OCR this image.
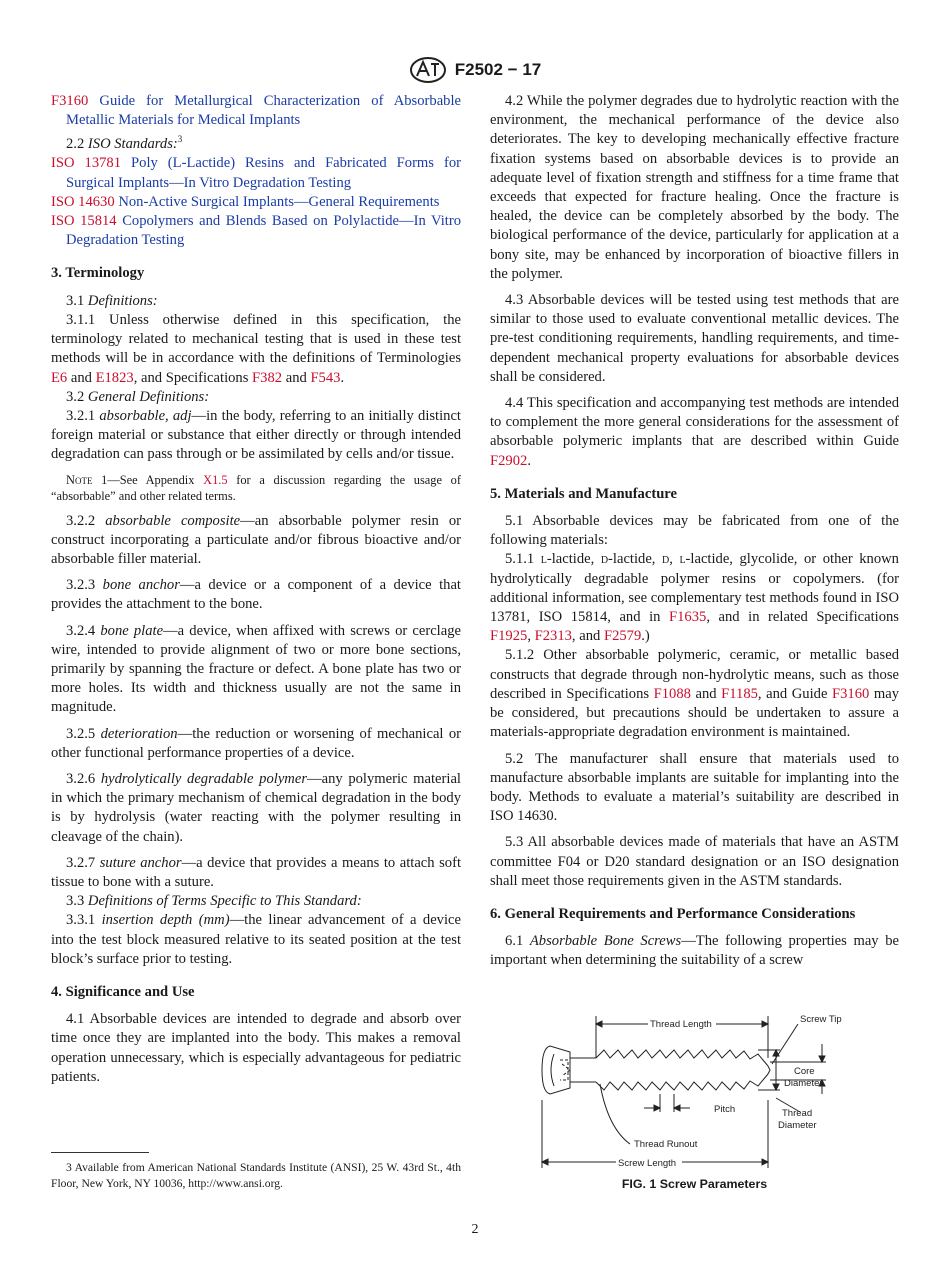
F2502 − 17

F3160 Guide for Metallurgical Characterization of Absorbable Metallic Materials for Medical Implants

2.2 ISO Standards:$^3$

ISO 13781 Poly (L-Lactide) Resins and Fabricated Forms for Surgical Implants—In Vitro Degradation Testing

ISO 14630 Non-Active Surgical Implants—General Requirements

ISO 15814 Copolymers and Blends Based on Polylactide—In Vitro Degradation Testing

3. Terminology

3.1 Definitions:

3.1.1 Unless otherwise defined in this specification, the terminology related to mechanical testing that is used in these test methods will be in accordance with the definitions of Terminologies E6 and E1823, and Specifications F382 and F543.

3.2 General Definitions:

3.2.1 absorbable, adj—in the body, referring to an initially distinct foreign material or substance that either directly or through intended degradation can pass through or be assimilated by cells and/or tissue.

Note 1—See Appendix X1.5 for a discussion regarding the usage of “absorbable” and other related terms.

3.2.2 absorbable composite—an absorbable polymer resin or construct incorporating a particulate and/or fibrous bioactive and/or absorbable filler material.

3.2.3 bone anchor—a device or a component of a device that provides the attachment to the bone.

3.2.4 bone plate—a device, when affixed with screws or cerclage wire, intended to provide alignment of two or more bone sections, primarily by spanning the fracture or defect. A bone plate has two or more holes. Its width and thickness usually are not the same in magnitude.

3.2.5 deterioration—the reduction or worsening of mechanical or other functional performance properties of a device.

3.2.6 hydrolytically degradable polymer—any polymeric material in which the primary mechanism of chemical degradation in the body is by hydrolysis (water reacting with the polymer resulting in cleavage of the chain).

3.2.7 suture anchor—a device that provides a means to attach soft tissue to bone with a suture.

3.3 Definitions of Terms Specific to This Standard:

3.3.1 insertion depth (mm)—the linear advancement of a device into the test block measured relative to its seated position at the test block’s surface prior to testing.

4. Significance and Use

4.1 Absorbable devices are intended to degrade and absorb over time once they are implanted into the body. This makes a removal operation unnecessary, which is especially advantageous for pediatric patients.

3 Available from American National Standards Institute (ANSI), 25 W. 43rd St., 4th Floor, New York, NY 10036, http://www.ansi.org.

4.2 While the polymer degrades due to hydrolytic reaction with the environment, the mechanical performance of the device also deteriorates. The key to developing mechanically effective fracture fixation systems based on absorbable devices is to provide an adequate level of fixation strength and stiffness for a time frame that exceeds that expected for fracture healing. Once the fracture is healed, the device can be completely absorbed by the body. The biological performance of the device, particularly for application at a bony site, may be enhanced by incorporation of bioactive fillers in the polymer.

4.3 Absorbable devices will be tested using test methods that are similar to those used to evaluate conventional metallic devices. The pre-test conditioning requirements, handling requirements, and time-dependent mechanical property evaluations for absorbable devices shall be considered.

4.4 This specification and accompanying test methods are intended to complement the more general considerations for the assessment of absorbable polymeric implants that are described within Guide F2902.

5. Materials and Manufacture

5.1 Absorbable devices may be fabricated from one of the following materials:

5.1.1 l-lactide, d-lactide, d, l-lactide, glycolide, or other known hydrolytically degradable polymer resins or copolymers. (for additional information, see complementary test methods found in ISO 13781, ISO 15814, and in F1635, and in related Specifications F1925, F2313, and F2579.)

5.1.2 Other absorbable polymeric, ceramic, or metallic based constructs that degrade through non-hydrolytic means, such as those described in Specifications F1088 and F1185, and Guide F3160 may be considered, but precautions should be undertaken to assure a materials-appropriate degradation environment is maintained.

5.2 The manufacturer shall ensure that materials used to manufacture absorbable implants are suitable for implanting into the body. Methods to evaluate a material’s suitability are described in ISO 14630.

5.3 All absorbable devices made of materials that have an ASTM committee F04 or D20 standard designation or an ISO designation shall meet those requirements given in the ASTM standards.

6. General Requirements and Performance Considerations

6.1 Absorbable Bone Screws—The following properties may be important when determining the suitability of a screw

Thread Length	Screw Tip
Core
Diameter
Pitch	Thread
Diameter
Thread Runout
Screw Length
FIG. 1 Screw Parameters
2
